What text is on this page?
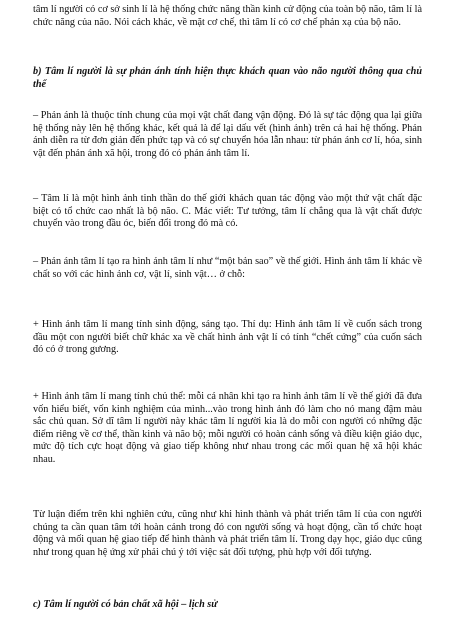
tâm lí người có cơ sở sinh lí là hệ thống chức năng thần kinh cử động của toàn bộ não, tâm lí là chức năng của não. Nói cách khác, về mặt cơ chế, thì tâm lí có cơ chế phản xạ của bộ não.

b) Tâm lí người là sự phản ánh tính hiện thực khách quan vào não người thông qua chủ thể

– Phản ánh là thuộc tính chung của mọi vật chất đang vận động. Đó là sự tác động qua lại giữa hệ thống này lên hệ thống khác, kết quả là để lại dấu vết (hình ảnh) trên cả hai hệ thống. Phản ánh diễn ra từ đơn giản đến phức tạp và có sự chuyển hóa lẫn nhau: từ phản ánh cơ lí, hóa, sinh vật đến phản ánh xã hội, trong đó có phản ánh tâm lí.

– Tâm lí là một hình ảnh tinh thần do thế giới khách quan tác động vào một thứ vật chất đặc biệt có tổ chức cao nhất là bộ não. C. Mác viết: Tư tưởng, tâm lí chẳng qua là vật chất được chuyển vào trong đầu óc, biến đổi trong đó mà có.

– Phản ánh tâm lí tạo ra hình ảnh tâm lí như “một bản sao” về thế giới. Hình ảnh tâm lí khác về chất so với các hình ảnh cơ, vật lí, sinh vật… ở chỗ:

+ Hình ảnh tâm lí mang tính sinh động, sáng tạo. Thí dụ: Hình ảnh tâm lí về cuốn sách trong đầu một con người biết chữ khác xa về chất hình ảnh vật lí có tính “chết cứng” của cuốn sách đó có ở trong gương.

+ Hình ảnh tâm lí mang tính chủ thể: mỗi cá nhân khi tạo ra hình ảnh tâm lí về thế giới đã đưa vốn hiểu biết, vốn kinh nghiệm của mình...vào trong hình ảnh đó làm cho nó mang đậm màu sắc chủ quan. Sở dĩ tâm lí người này khác tâm lí người kia là do mỗi con người có những đặc điểm riêng về cơ thể, thần kinh và não bộ; mỗi người có hoàn cảnh sống và điều kiện giáo dục, mức độ tích cực hoạt động và giao tiếp không như nhau trong các mối quan hệ xã hội khác nhau.

Từ luận điểm trên khi nghiên cứu, cũng như khi hình thành và phát triển tâm lí của con người chúng ta cần quan tâm tới hoàn cảnh trong đó con người sống và hoạt động, cần tổ chức hoạt động và mối quan hệ giao tiếp để hình thành và phát triển tâm lí. Trong dạy học, giáo dục cũng như trong quan hệ ứng xử phải chú ý tới việc sát đối tượng, phù hợp với đối tượng.

c) Tâm lí người có bản chất xã hội – lịch sử
